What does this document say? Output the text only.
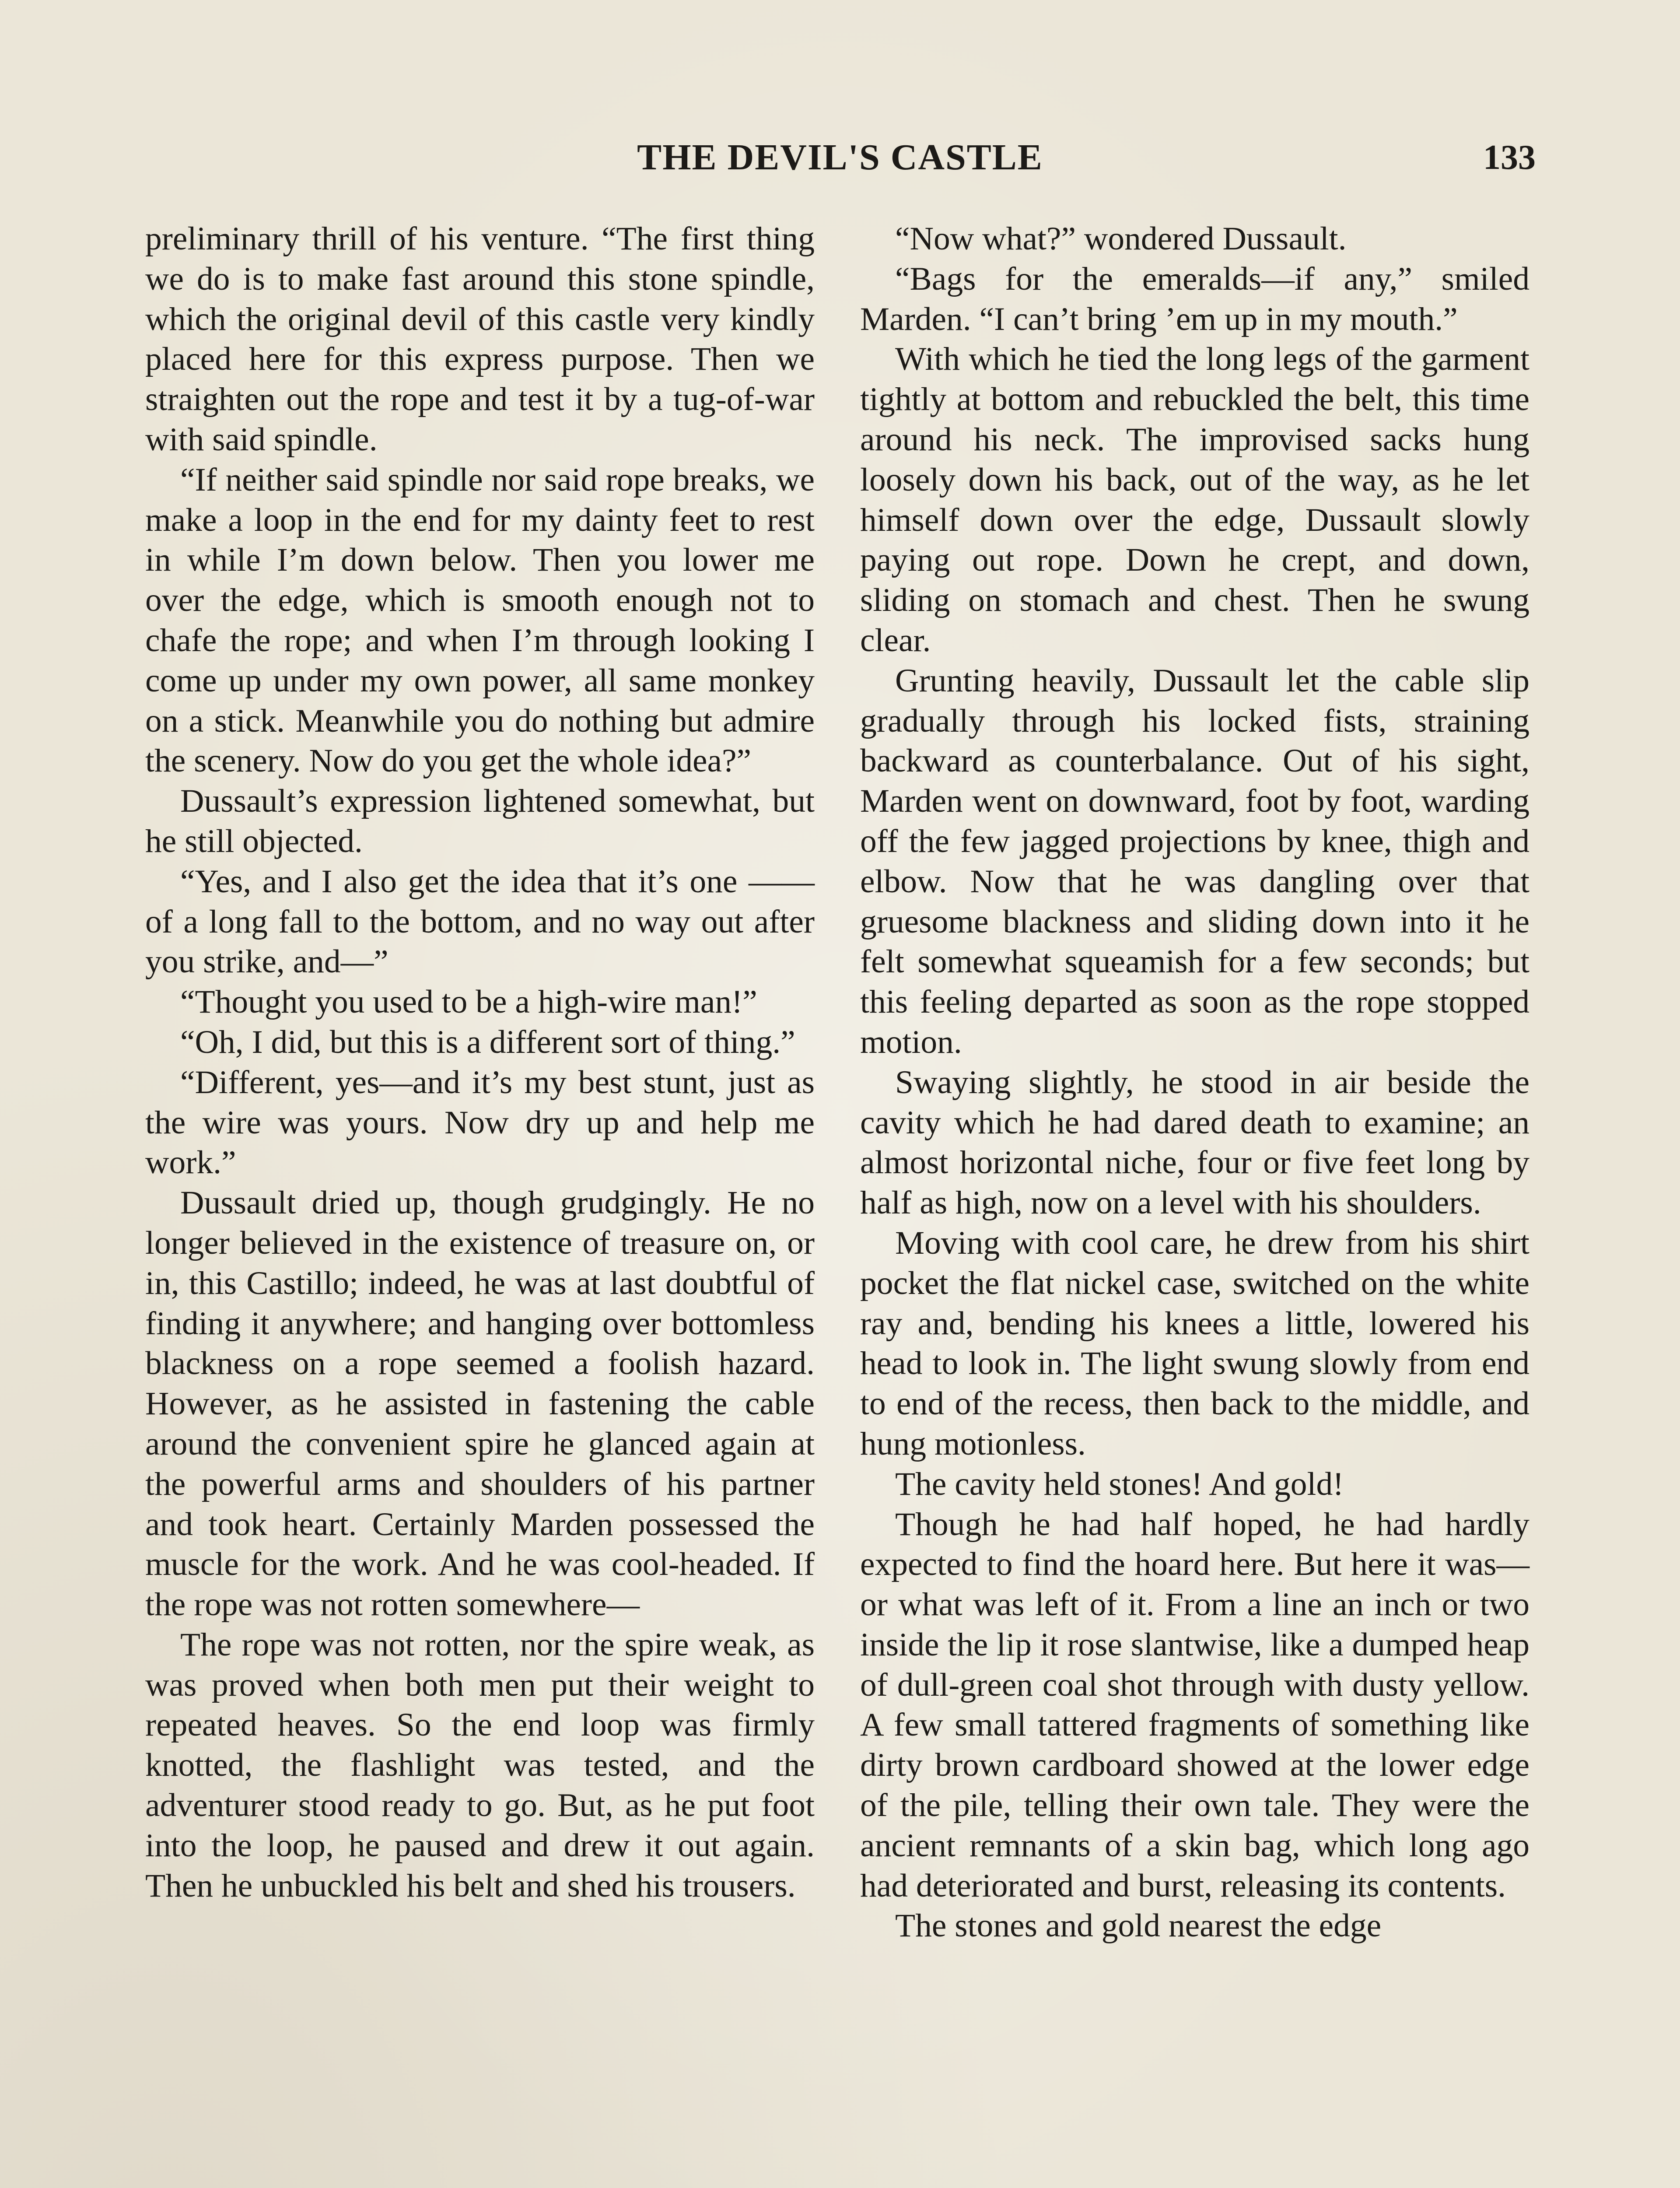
THE DEVIL'S CASTLE	133

preliminary thrill of his venture. “The first thing we do is to make fast around this stone spindle, which the original devil of this castle very kindly placed here for this express purpose. Then we straighten out the rope and test it by a tug-of-war with said spindle.

“If neither said spindle nor said rope breaks, we make a loop in the end for my dainty feet to rest in while I’m down below. Then you lower me over the edge, which is smooth enough not to chafe the rope; and when I’m through looking I come up under my own power, all same monkey on a stick. Meanwhile you do nothing but admire the scenery. Now do you get the whole idea?”

Dussault’s expression lightened somewhat, but he still objected.

“Yes, and I also get the idea that it’s one —— of a long fall to the bottom, and no way out after you strike, and—”

“Thought you used to be a high-wire man!”

“Oh, I did, but this is a different sort of thing.”

“Different, yes—and it’s my best stunt, just as the wire was yours. Now dry up and help me work.”

Dussault dried up, though grudgingly. He no longer believed in the existence of treasure on, or in, this Castillo; indeed, he was at last doubtful of finding it anywhere; and hanging over bottomless blackness on a rope seemed a foolish hazard. However, as he assisted in fastening the cable around the convenient spire he glanced again at the powerful arms and shoulders of his partner and took heart. Certainly Marden possessed the muscle for the work. And he was cool-headed. If the rope was not rotten somewhere—

The rope was not rotten, nor the spire weak, as was proved when both men put their weight to repeated heaves. So the end loop was firmly knotted, the flashlight was tested, and the adventurer stood ready to go. But, as he put foot into the loop, he paused and drew it out again. Then he unbuckled his belt and shed his trousers.

“Now what?” wondered Dussault.

“Bags for the emeralds—if any,” smiled Marden. “I can’t bring ’em up in my mouth.”

With which he tied the long legs of the garment tightly at bottom and rebuckled the belt, this time around his neck. The improvised sacks hung loosely down his back, out of the way, as he let himself down over the edge, Dussault slowly paying out rope. Down he crept, and down, sliding on stomach and chest. Then he swung clear.

Grunting heavily, Dussault let the cable slip gradually through his locked fists, straining backward as counterbalance. Out of his sight, Marden went on downward, foot by foot, warding off the few jagged projections by knee, thigh and elbow. Now that he was dangling over that gruesome blackness and sliding down into it he felt somewhat squeamish for a few seconds; but this feeling departed as soon as the rope stopped motion.

Swaying slightly, he stood in air beside the cavity which he had dared death to examine; an almost horizontal niche, four or five feet long by half as high, now on a level with his shoulders.

Moving with cool care, he drew from his shirt pocket the flat nickel case, switched on the white ray and, bending his knees a little, lowered his head to look in. The light swung slowly from end to end of the recess, then back to the middle, and hung motionless.

The cavity held stones! And gold!

Though he had half hoped, he had hardly expected to find the hoard here. But here it was—or what was left of it. From a line an inch or two inside the lip it rose slantwise, like a dumped heap of dull-green coal shot through with dusty yellow. A few small tattered fragments of something like dirty brown cardboard showed at the lower edge of the pile, telling their own tale. They were the ancient remnants of a skin bag, which long ago had deteriorated and burst, releasing its contents.

The stones and gold nearest the edge
